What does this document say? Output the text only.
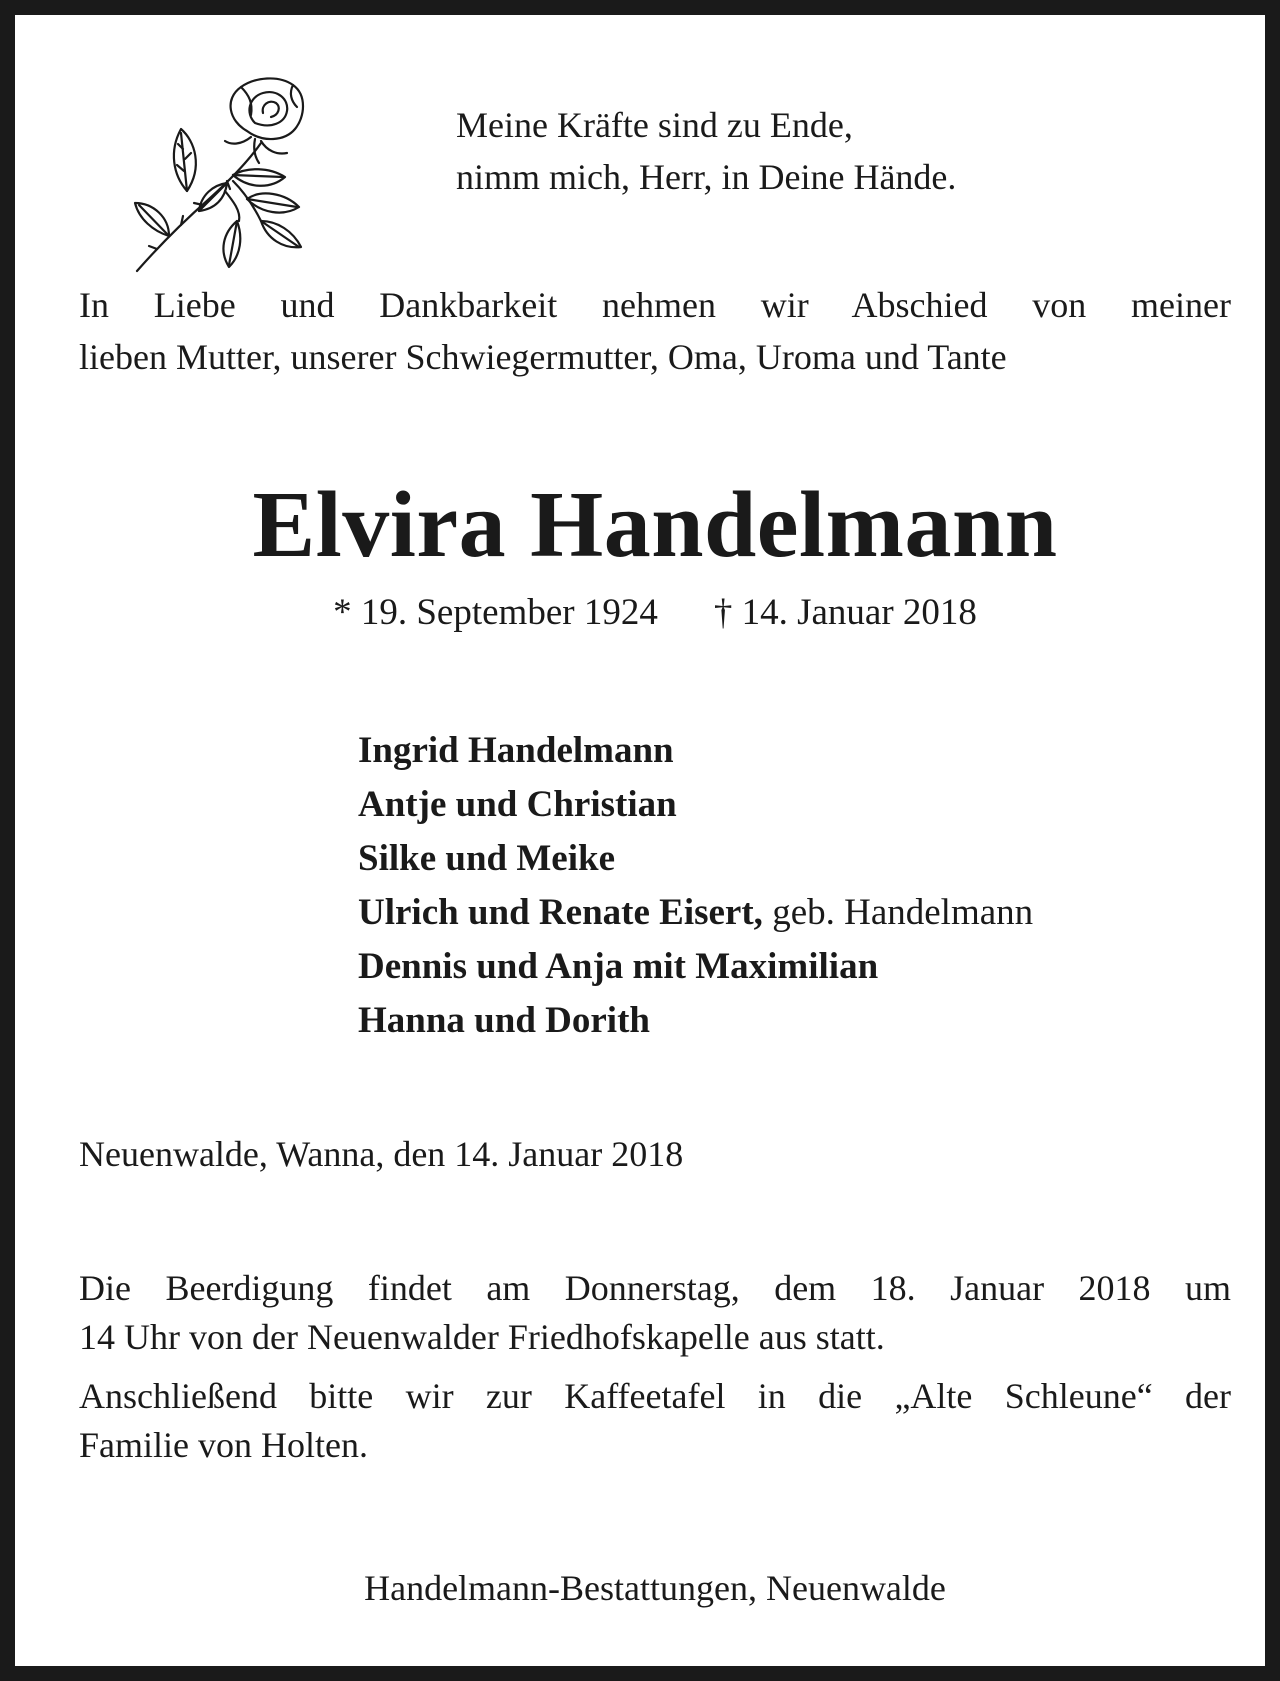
Meine Kräfte sind zu Ende,
nimm mich, Herr, in Deine Hände.
In Liebe und Dankbarkeit nehmen wir Abschied von meiner
lieben Mutter, unserer Schwiegermutter, Oma, Uroma und Tante
Elvira Handelmann
* 19. September 1924 † 14. Januar 2018
Ingrid Handelmann
Antje und Christian
Silke und Meike
Ulrich und Renate Eisert, geb. Handelmann
Dennis und Anja mit Maximilian
Hanna und Dorith
Neuenwalde, Wanna, den 14. Januar 2018

Die Beerdigung findet am Donnerstag, dem 18. Januar 2018 um
14 Uhr von der Neuenwalder Friedhofskapelle aus statt.

Anschließend bitte wir zur Kaffeetafel in die „Alte Schleune“ der
Familie von Holten.

Handelmann-Bestattungen, Neuenwalde
